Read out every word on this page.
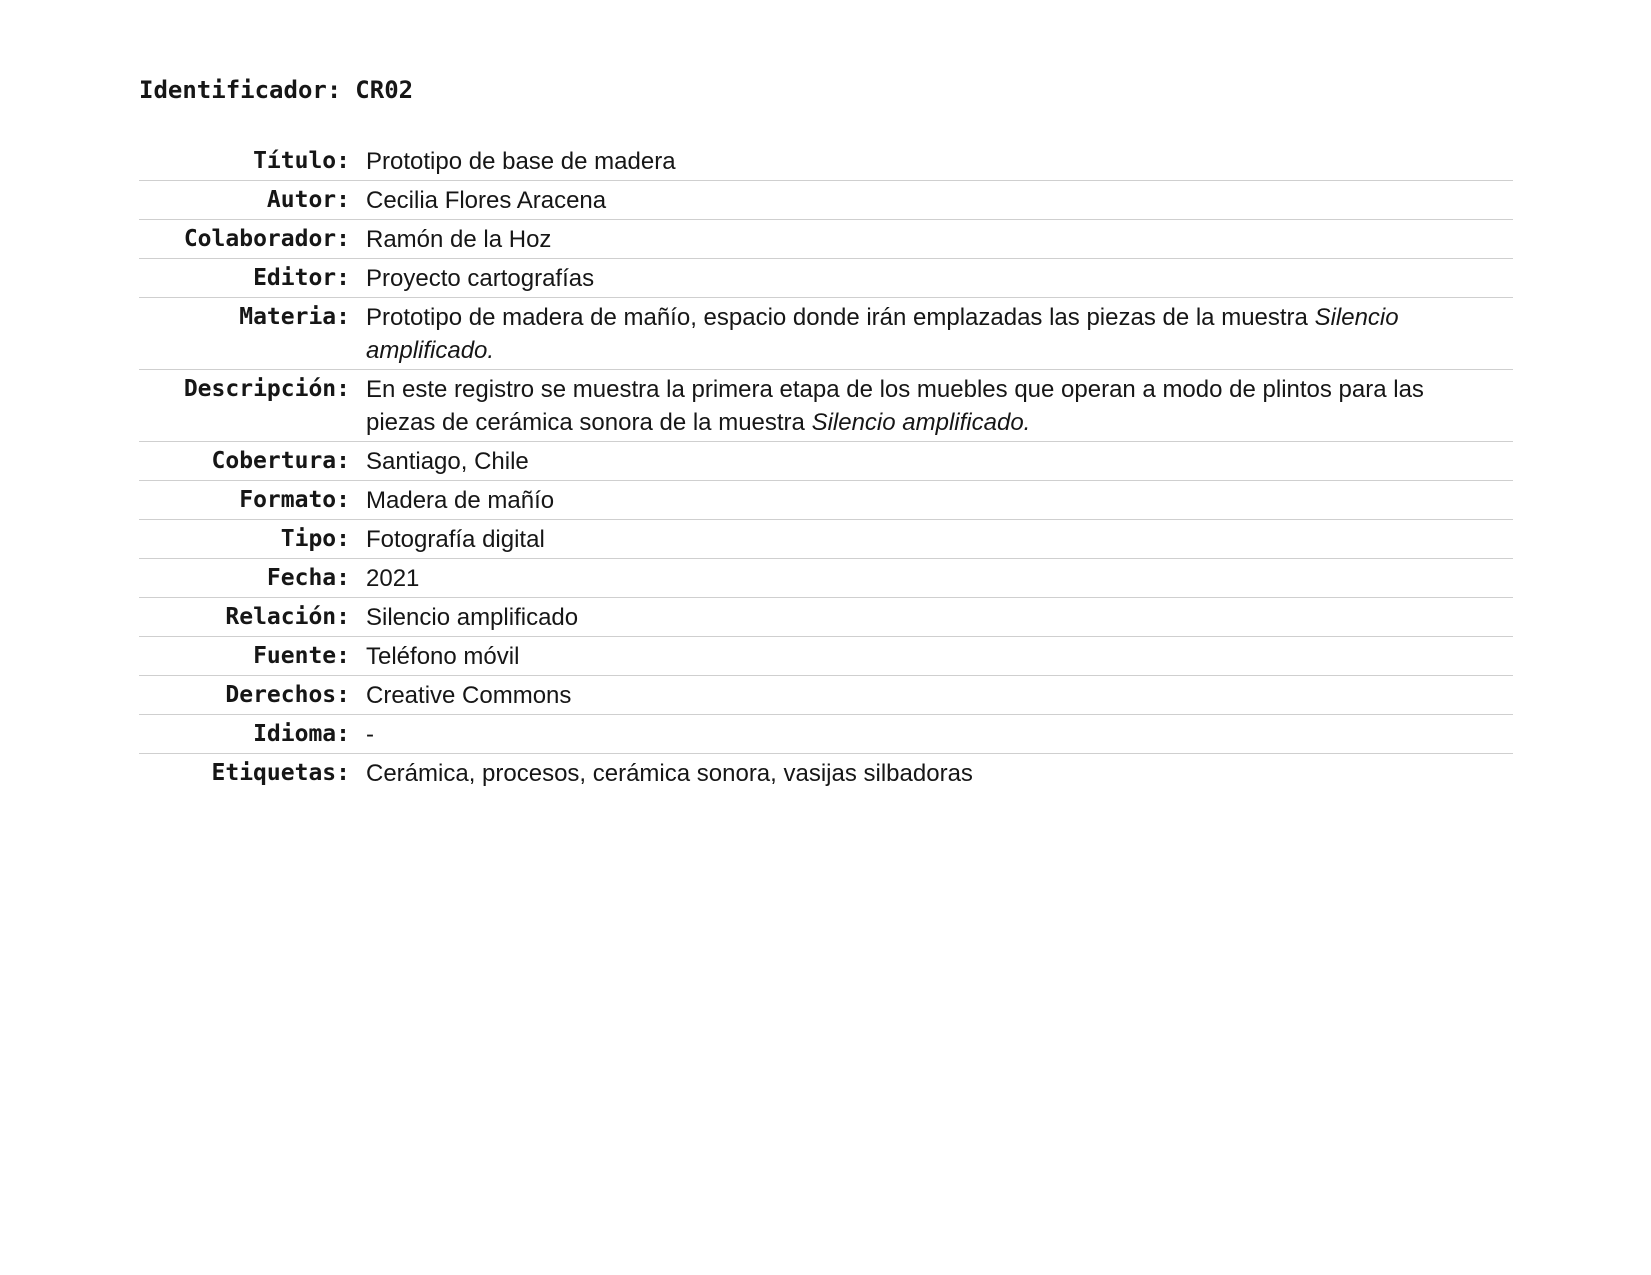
Identificador: CR02
Título: Prototipo de base de madera
Autor: Cecilia Flores Aracena
Colaborador: Ramón de la Hoz
Editor: Proyecto cartografías
Materia: Prototipo de madera de mañío, espacio donde irán emplazadas las piezas de la muestra Silencio amplificado.
Descripción: En este registro se muestra la primera etapa de los muebles que operan a modo de plintos para las piezas de cerámica sonora de la muestra Silencio amplificado.
Cobertura: Santiago, Chile
Formato: Madera de mañío
Tipo: Fotografía digital
Fecha: 2021
Relación: Silencio amplificado
Fuente: Teléfono móvil
Derechos: Creative Commons
Idioma: -
Etiquetas: Cerámica, procesos, cerámica sonora, vasijas silbadoras
